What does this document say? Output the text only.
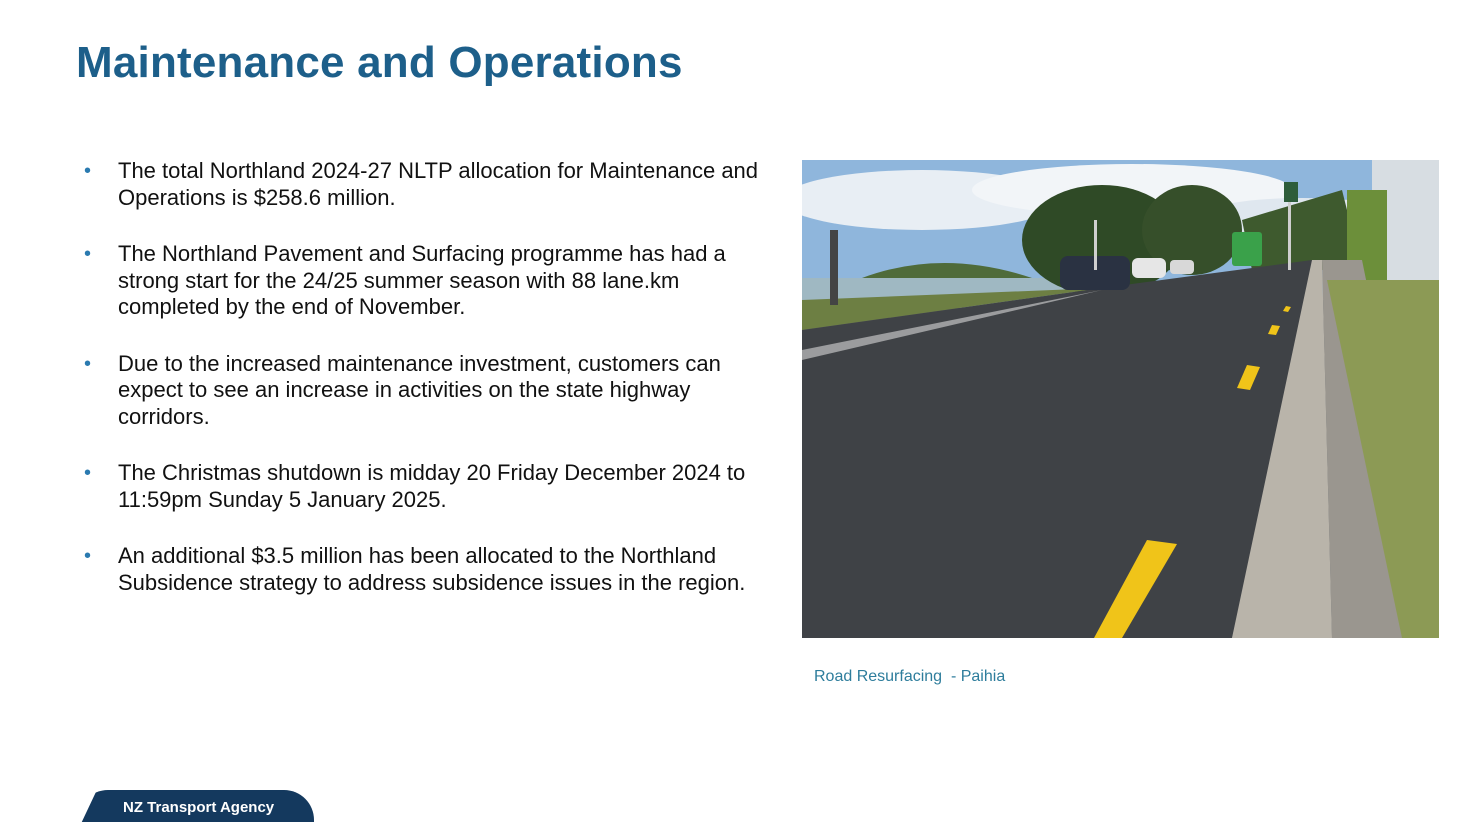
Maintenance and Operations
• The total Northland 2024-27 NLTP allocation for Maintenance and Operations is $258.6 million.
• The Northland Pavement and Surfacing programme has had a strong start for the 24/25 summer season with 88 lane.km completed by the end of November.
• Due to the increased maintenance investment, customers can expect to see an increase in activities on the state highway corridors.
• The Christmas shutdown is midday 20 Friday December 2024 to 11:59pm Sunday 5 January 2025.
• An additional $3.5 million has been allocated to the Northland Subsidence strategy to address subsidence issues in the region.
Road Resurfacing  - Paihia
NZ Transport Agency
